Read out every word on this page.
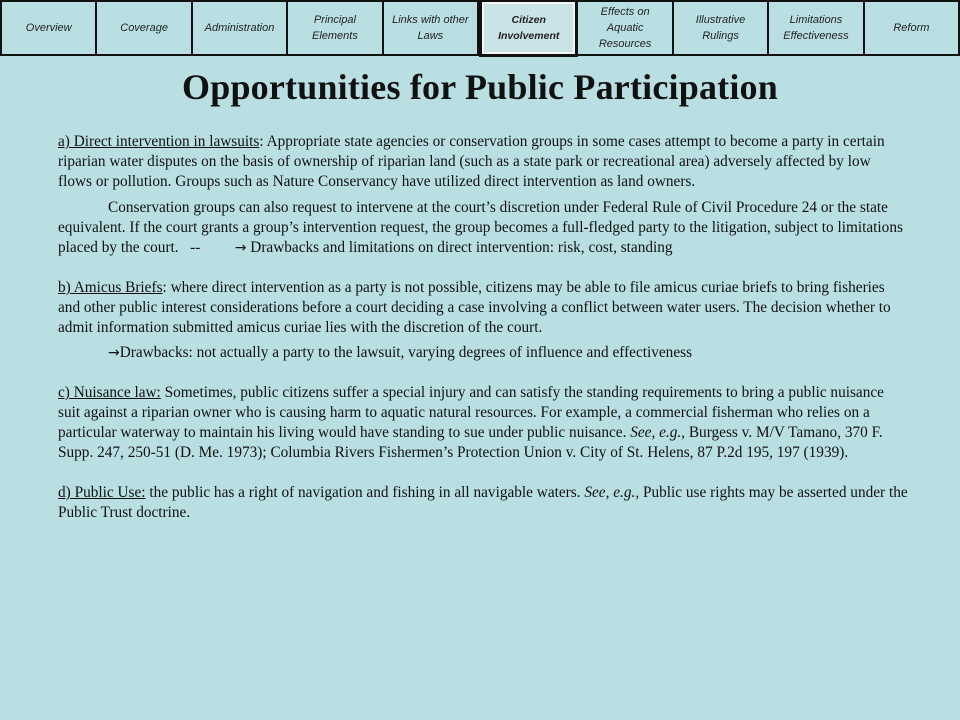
Overview	Coverage	Administration
Principal
Elements
Links with other
Laws
Citizen
Involvement
Effects on
Aquatic
Resources
Illustrative
Rulings
Limitations
Effectiveness
Reform
Opportunities for Public Participation

a) Direct intervention in lawsuits: Appropriate state agencies or conservation groups in some cases attempt to become a party in certain riparian water disputes on the basis of ownership of riparian land (such as a state park or recreational area) adversely affected by low flows or pollution. Groups such as Nature Conservancy have utilized direct intervention as land owners.

Conservation groups can also request to intervene at the court’s discretion under Federal Rule of Civil Procedure 24 or the state equivalent. If the court grants a group’s intervention request, the group becomes a full-fledged party to the litigation, subject to limitations placed by the court.   --         → Drawbacks and limitations on direct intervention: risk, cost, standing

b) Amicus Briefs: where direct intervention as a party is not possible, citizens may be able to file amicus curiae briefs to bring fisheries and other public interest considerations before a court deciding a case involving a conflict between water users. The decision whether to admit information submitted amicus curiae lies with the discretion of the court.

→Drawbacks: not actually a party to the lawsuit, varying degrees of influence and effectiveness

c) Nuisance law: Sometimes, public citizens suffer a special injury and can satisfy the standing requirements to bring a public nuisance suit against a riparian owner who is causing harm to aquatic natural resources. For example, a commercial fisherman who relies on a particular waterway to maintain his living would have standing to sue under public nuisance. See, e.g., Burgess v. M/V Tamano, 370 F. Supp. 247, 250-51 (D. Me. 1973); Columbia Rivers Fishermen’s Protection Union v. City of St. Helens, 87 P.2d 195, 197 (1939).

d) Public Use: the public has a right of navigation and fishing in all navigable waters. See, e.g., Public use rights may be asserted under the Public Trust doctrine.
